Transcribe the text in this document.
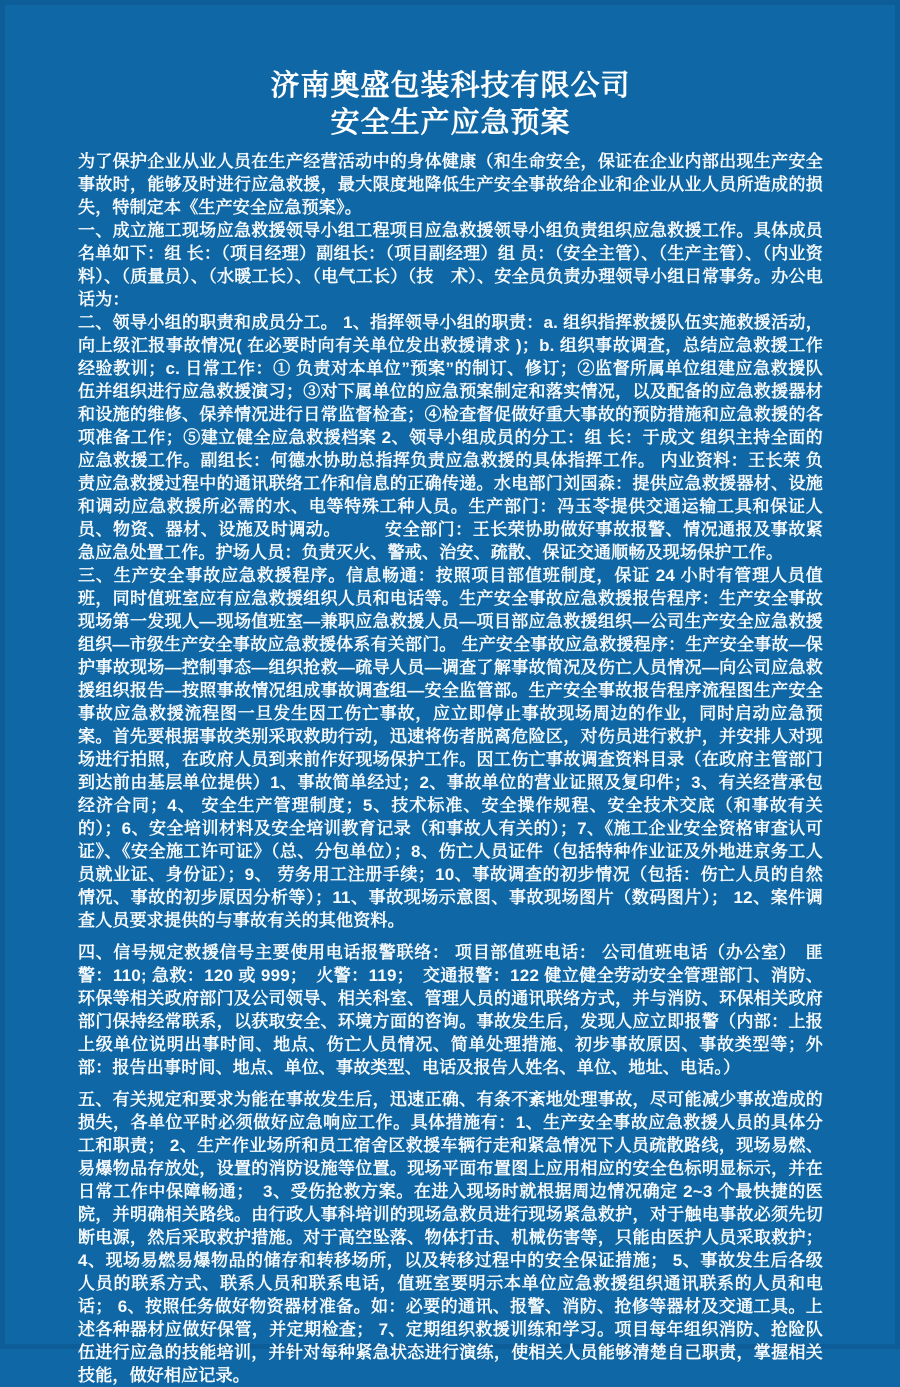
济南奥盛包装科技有限公司
安全生产应急预案

为了保护企业从业人员在生产经营活动中的身体健康（和生命安全，保证在企业内部出现生产安全事故时，能够及时进行应急救援，最大限度地降低生产安全事故给企业和企业从业人员所造成的损失，特制定本《生产安全应急预案》。

一、成立施工现场应急救援领导小组工程项目应急救援领导小组负责组织应急救援工作。具体成员名单如下：组 长：（项目经理）副组长：（项目副经理）组 员：（安全主管）、（生产主管）、（内业资料）、（质量员）、（水暖工长）、（电气工长）（技　术）、安全员负责办理领导小组日常事务。办公电话为：

二、领导小组的职责和成员分工。 1、指挥领导小组的职责：a. 组织指挥救援队伍实施救援活动，向上级汇报事故情况( 在必要时向有关单位发出救援请求 )；b. 组织事故调查，总结应急救援工作经验教训；c. 日常工作：① 负责对本单位”预案”的制订、修订；②监督所属单位组建应急救援队伍并组织进行应急救援演习；③对下属单位的应急预案制定和落实情况，以及配备的应急救援器材和设施的维修、保养情况进行日常监督检查；④检查督促做好重大事故的预防措施和应急救援的各项准备工作；⑤建立健全应急救援档案 2、领导小组成员的分工：组 长：于成文 组织主持全面的应急救援工作。副组长：何德水协助总指挥负责应急救援的具体指挥工作。 内业资料：王长荣 负责应急救援过程中的通讯联络工作和信息的正确传递。水电部门刘国森：提供应急救援器材、设施和调动应急救援所必需的水、电等特殊工种人员。生产部门：冯玉苓提供交通运输工具和保证人员、物资、器材、设施及时调动。　　　安全部门：王长荣协助做好事故报警、情况通报及事故紧急应急处置工作。护场人员：负责灭火、警戒、治安、疏散、保证交通顺畅及现场保护工作。

三、生产安全事故应急救援程序。信息畅通：按照项目部值班制度，保证 24 小时有管理人员值班，同时值班室应有应急救援组织人员和电话等。生产安全事故应急救援报告程序：生产安全事故现场第一发现人—现场值班室—兼职应急救援人员—项目部应急救援组织—公司生产安全应急救援组织—市级生产安全事故应急救援体系有关部门。 生产安全事故应急救援程序：生产安全事故—保护事故现场—控制事态—组织抢救—疏导人员—调查了解事故简况及伤亡人员情况—向公司应急救援组织报告—按照事故情况组成事故调查组—安全监管部。生产安全事故报告程序流程图生产安全事故应急救援流程图一旦发生因工伤亡事故，应立即停止事故现场周边的作业，同时启动应急预案。首先要根据事故类别采取救助行动，迅速将伤者脱离危险区，对伤员进行救护，并安排人对现场进行拍照，在政府人员到来前作好现场保护工作。因工伤亡事故调查资料目录（在政府主管部门到达前由基层单位提供）1、事故简单经过；2、事故单位的营业证照及复印件；3、有关经营承包经济合同；4、 安全生产管理制度；5、技术标准、安全操作规程、安全技术交底（和事故有关的）；6、安全培训材料及安全培训教育记录（和事故人有关的）；7、《施工企业安全资格审查认可证》、《安全施工许可证》（总、分包单位）；8、伤亡人员证件（包括特种作业证及外地进京务工人员就业证、身份证）；9、 劳务用工注册手续；10、事故调查的初步情况（包括：伤亡人员的自然情况、事故的初步原因分析等）；11、事故现场示意图、事故现场图片（数码图片）； 12、案件调查人员要求提供的与事故有关的其他资料。

四、信号规定救援信号主要使用电话报警联络： 项目部值班电话： 公司值班电话（办公室）　匪警：110; 急救：120 或 999；　火警：119；　交通报警：122 健立健全劳动安全管理部门、消防、环保等相关政府部门及公司领导、相关科室、管理人员的通讯联络方式，并与消防、环保相关政府部门保持经常联系，以获取安全、环境方面的咨询。事故发生后，发现人应立即报警（内部：上报上级单位说明出事时间、地点、伤亡人员情况、简单处理措施、初步事故原因、事故类型等；外部：报告出事时间、地点、单位、事故类型、电话及报告人姓名、单位、地址、电话。）

五、有关规定和要求为能在事故发生后，迅速正确、有条不紊地处理事故，尽可能减少事故造成的损失，各单位平时必须做好应急响应工作。具体措施有：1、生产安全事故应急救援人员的具体分工和职责； 2、生产作业场所和员工宿舍区救援车辆行走和紧急情况下人员疏散路线，现场易燃、易爆物品存放处，设置的消防设施等位置。现场平面布置图上应用相应的安全色标明显标示，并在日常工作中保障畅通；　3、受伤抢救方案。在进入现场时就根据周边情况确定 2~3 个最快捷的医院，并明确相关路线。由行政人事科培训的现场急救员进行现场紧急救护，对于触电事故必须先切断电源，然后采取救护措施。对于高空坠落、物体打击、机械伤害等，只能由医护人员采取救护； 4、现场易燃易爆物品的储存和转移场所，以及转移过程中的安全保证措施； 5、事故发生后各级人员的联系方式、联系人员和联系电话，值班室要明示本单位应急救援组织通讯联系的人员和电话； 6、按照任务做好物资器材准备。如：必要的通讯、报警、消防、抢修等器材及交通工具。上述各种器材应做好保管，并定期检查； 7、定期组织救援训练和学习。项目每年组织消防、抢险队伍进行应急的技能培训，并针对每种紧急状态进行演练，使相关人员能够清楚自己职责，掌握相关技能，做好相应记录。
